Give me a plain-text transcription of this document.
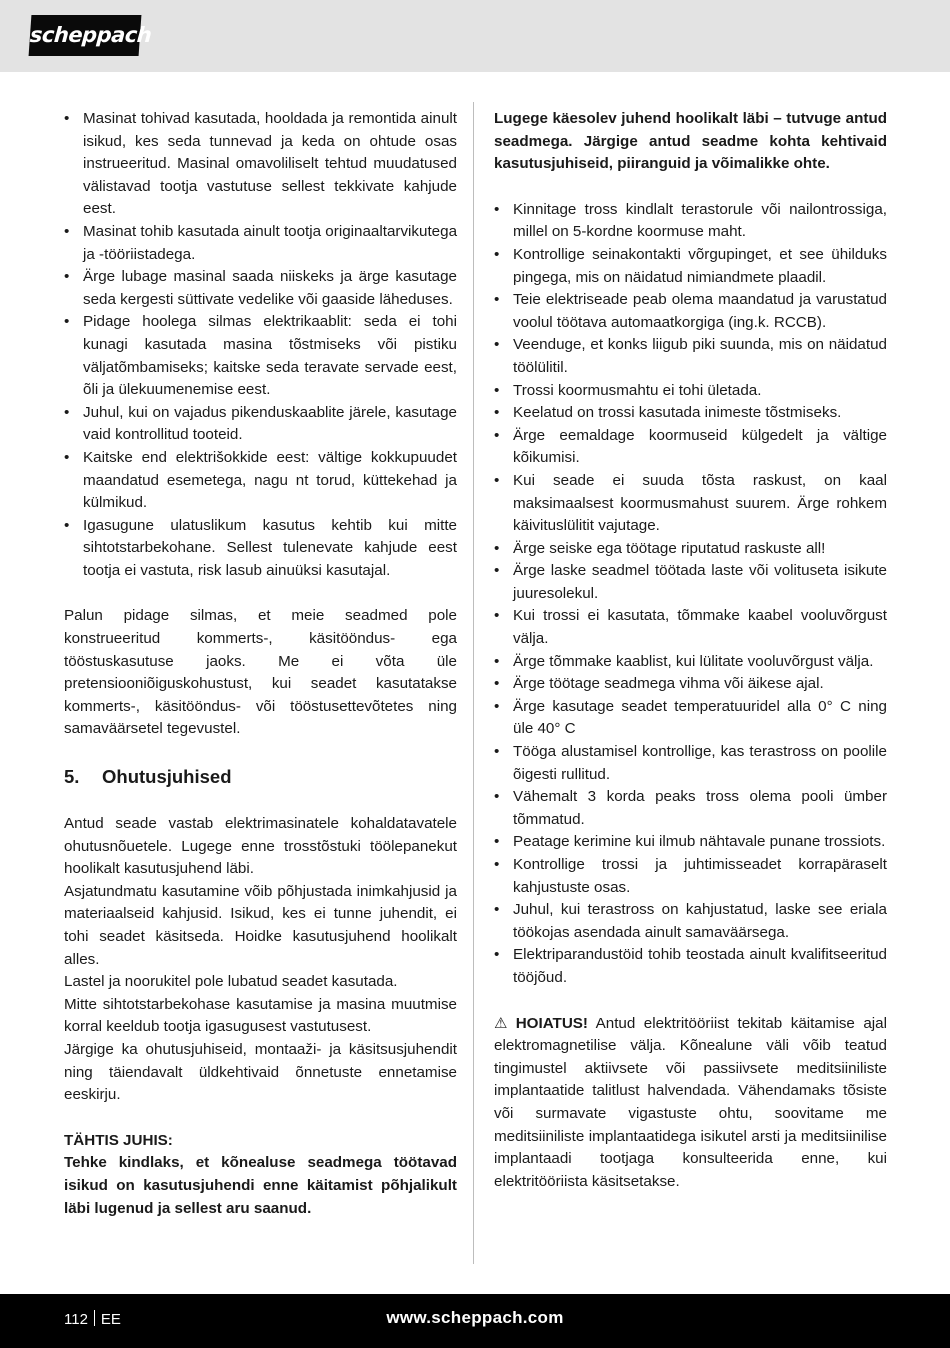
scheppach
• Masinat tohivad kasutada, hooldada ja remontida ainult isikud, kes seda tunnevad ja keda on ohtude osas instrueeritud. Masinal omavoliliselt tehtud muudatused välistavad tootja vastutuse sellest tekkivate kahjude eest.
• Masinat tohib kasutada ainult tootja originaaltarvikutega ja -tööriistadega.
• Ärge lubage masinal saada niiskeks ja ärge kasutage seda kergesti süttivate vedelike või gaaside läheduses.
• Pidage hoolega silmas elektrikaablit: seda ei tohi kunagi kasutada masina tõstmiseks või pistiku väljatõmbamiseks; kaitske seda teravate servade eest, õli ja ülekuumenemise eest.
• Juhul, kui on vajadus pikenduskaablite järele, kasutage vaid kontrollitud tooteid.
• Kaitske end elektrišokkide eest: vältige kokkupuudet maandatud esemetega, nagu nt torud, küttekehad ja külmikud.
• Igasugune ulatuslikum kasutus kehtib kui mitte sihtotstarbekohane. Sellest tulenevate kahjude eest tootja ei vastuta, risk lasub ainuüksi kasutajal.

Palun pidage silmas, et meie seadmed pole konstrueeritud kommerts-, käsitööndus- ega tööstuskasutuse jaoks. Me ei võta üle pretensiooniõiguskohustust, kui seadet kasutatakse kommerts-, käsitööndus- või tööstusettevõtetes ning samaväärsetel tegevustel.

5.	Ohutusjuhised

Antud seade vastab elektrimasinatele kohaldatavatele ohutusnõuetele. Lugege enne trosstõstuki töölepanekut hoolikalt kasutusjuhend läbi.

Asjatundmatu kasutamine võib põhjustada inimkahjusid ja materiaalseid kahjusid. Isikud, kes ei tunne juhendit, ei tohi seadet käsitseda. Hoidke kasutusjuhend hoolikalt alles.

Lastel ja noorukitel pole lubatud seadet kasutada.

Mitte sihtotstarbekohase kasutamise ja masina muutmise korral keeldub tootja igasugusest vastutusest.

Järgige ka ohutusjuhiseid, montaaži- ja käsitsusjuhendit ning täiendavalt üldkehtivaid õnnetuste ennetamise eeskirju.

TÄHTIS JUHIS:

Tehke kindlaks, et kõnealuse seadmega töötavad isikud on kasutusjuhendi enne käitamist põhjalikult läbi lugenud ja sellest aru saanud.

Lugege käesolev juhend hoolikalt läbi – tutvuge antud seadmega. Järgige antud seadme kohta kehtivaid kasutusjuhiseid, piiranguid ja võimalikke ohte.

• Kinnitage tross kindlalt terastorule või nailontrossiga, millel on 5-kordne koormuse maht.
• Kontrollige seinakontakti võrgupinget, et see ühilduks pingega, mis on näidatud nimiandmete plaadil.
• Teie elektriseade peab olema maandatud ja varustatud voolul töötava automaatkorgiga (ing.k. RCCB).
• Veenduge, et konks liigub piki suunda, mis on näidatud töölülitil.
• Trossi koormusmahtu ei tohi ületada.
• Keelatud on trossi kasutada inimeste tõstmiseks.
• Ärge eemaldage koormuseid külgedelt ja vältige kõikumisi.
• Kui seade ei suuda tõsta raskust, on kaal maksimaalsest koormusmahust suurem. Ärge rohkem käivituslülitit vajutage.
• Ärge seiske ega töötage riputatud raskuste all!
• Ärge laske seadmel töötada laste või volituseta isikute juuresolekul.
• Kui trossi ei kasutata, tõmmake kaabel vooluvõrgust välja.
• Ärge tõmmake kaablist, kui lülitate vooluvõrgust välja.
• Ärge töötage seadmega vihma või äikese ajal.
• Ärge kasutage seadet temperatuuridel alla 0° C ning üle 40° C
• Tööga alustamisel kontrollige, kas terastross on poolile õigesti rullitud.
• Vähemalt 3 korda peaks tross olema pooli ümber tõmmatud.
• Peatage kerimine kui ilmub nähtavale punane trossiots.
• Kontrollige trossi ja juhtimisseadet korrapäraselt kahjustuste osas.
• Juhul, kui terastross on kahjustatud, laske see eriala töökojas asendada ainult samaväärsega.
• Elektriparandustöid tohib teostada ainult kvalifitseeritud tööjõud.

⚠ HOIATUS! Antud elektritööriist tekitab käitamise ajal elektromagnetilise välja. Kõnealune väli võib teatud tingimustel aktiivsete või passiivsete meditsiiniliste implantaatide talitlust halvendada. Vähendamaks tõsiste või surmavate vigastuste ohtu, soovitame me meditsiiniliste implantaatidega isikutel arsti ja meditsiinilise implantaadi tootjaga konsulteerida enne, kui elektritööriista käsitsetakse.

112 EE	www.scheppach.com
